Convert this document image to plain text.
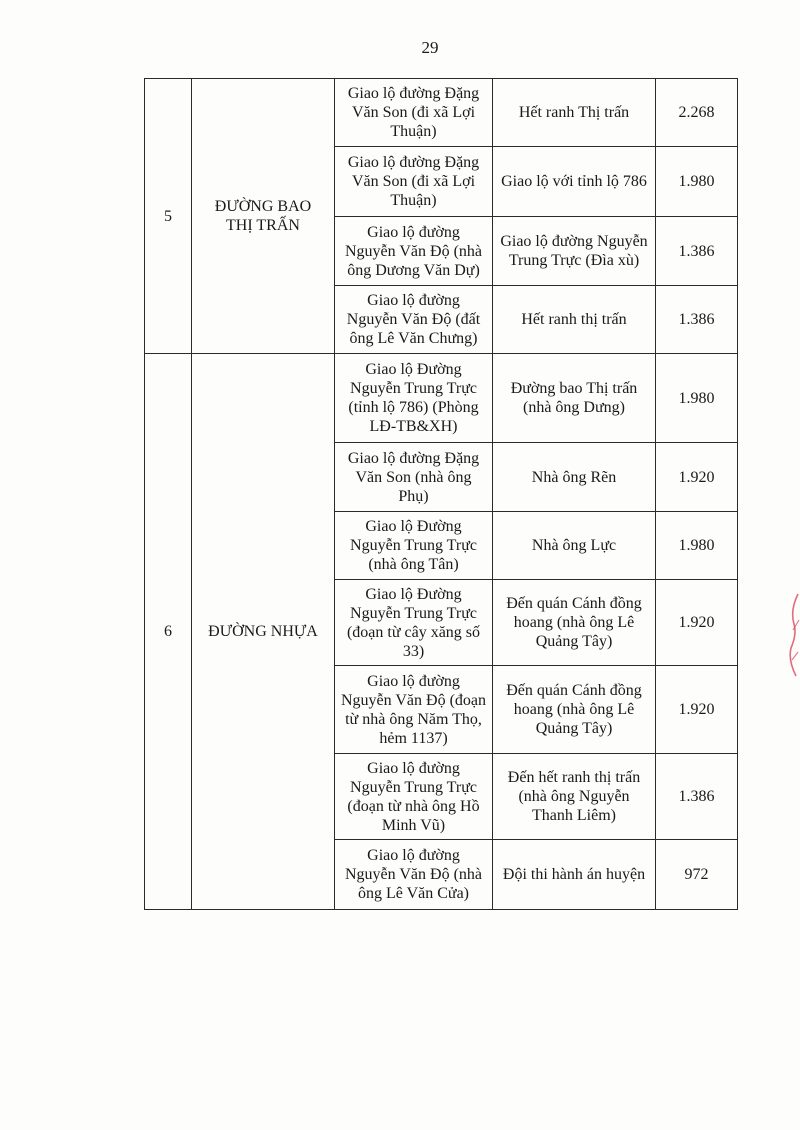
29
5	ĐƯỜNG BAO THỊ TRẤN	Giao lộ đường Đặng Văn Son (đi xã Lợi Thuận)	Hết ranh Thị trấn	2.268
		Giao lộ đường Đặng Văn Son (đi xã Lợi Thuận)	Giao lộ với tỉnh lộ 786	1.980
		Giao lộ đường Nguyễn Văn Độ (nhà ông Dương Văn Dự)	Giao lộ đường Nguyễn Trung Trực (Đìa xù)	1.386
		Giao lộ đường Nguyễn Văn Độ (đất ông Lê Văn Chưng)	Hết ranh thị trấn	1.386
6	ĐƯỜNG NHỰA	Giao lộ Đường Nguyễn Trung Trực (tỉnh lộ 786) (Phòng LĐ-TB&XH)	Đường bao Thị trấn (nhà ông Dưng)	1.980
		Giao lộ đường Đặng Văn Son (nhà ông Phụ)	Nhà ông Rẽn	1.920
		Giao lộ Đường Nguyễn Trung Trực (nhà ông Tân)	Nhà ông Lực	1.980
		Giao lộ Đường Nguyễn Trung Trực (đoạn từ cây xăng số 33)	Đến quán Cánh đồng hoang (nhà ông Lê Quảng Tây)	1.920
		Giao lộ đường Nguyễn Văn Độ (đoạn từ nhà ông Năm Thọ, hẻm 1137)	Đến quán Cánh đồng hoang (nhà ông Lê Quảng Tây)	1.920
		Giao lộ đường Nguyễn Trung Trực (đoạn từ nhà ông Hồ Minh Vũ)	Đến hết ranh thị trấn (nhà ông Nguyễn Thanh Liêm)	1.386
		Giao lộ đường Nguyễn Văn Độ (nhà ông Lê Văn Cửa)	Đội thi hành án huyện	972
